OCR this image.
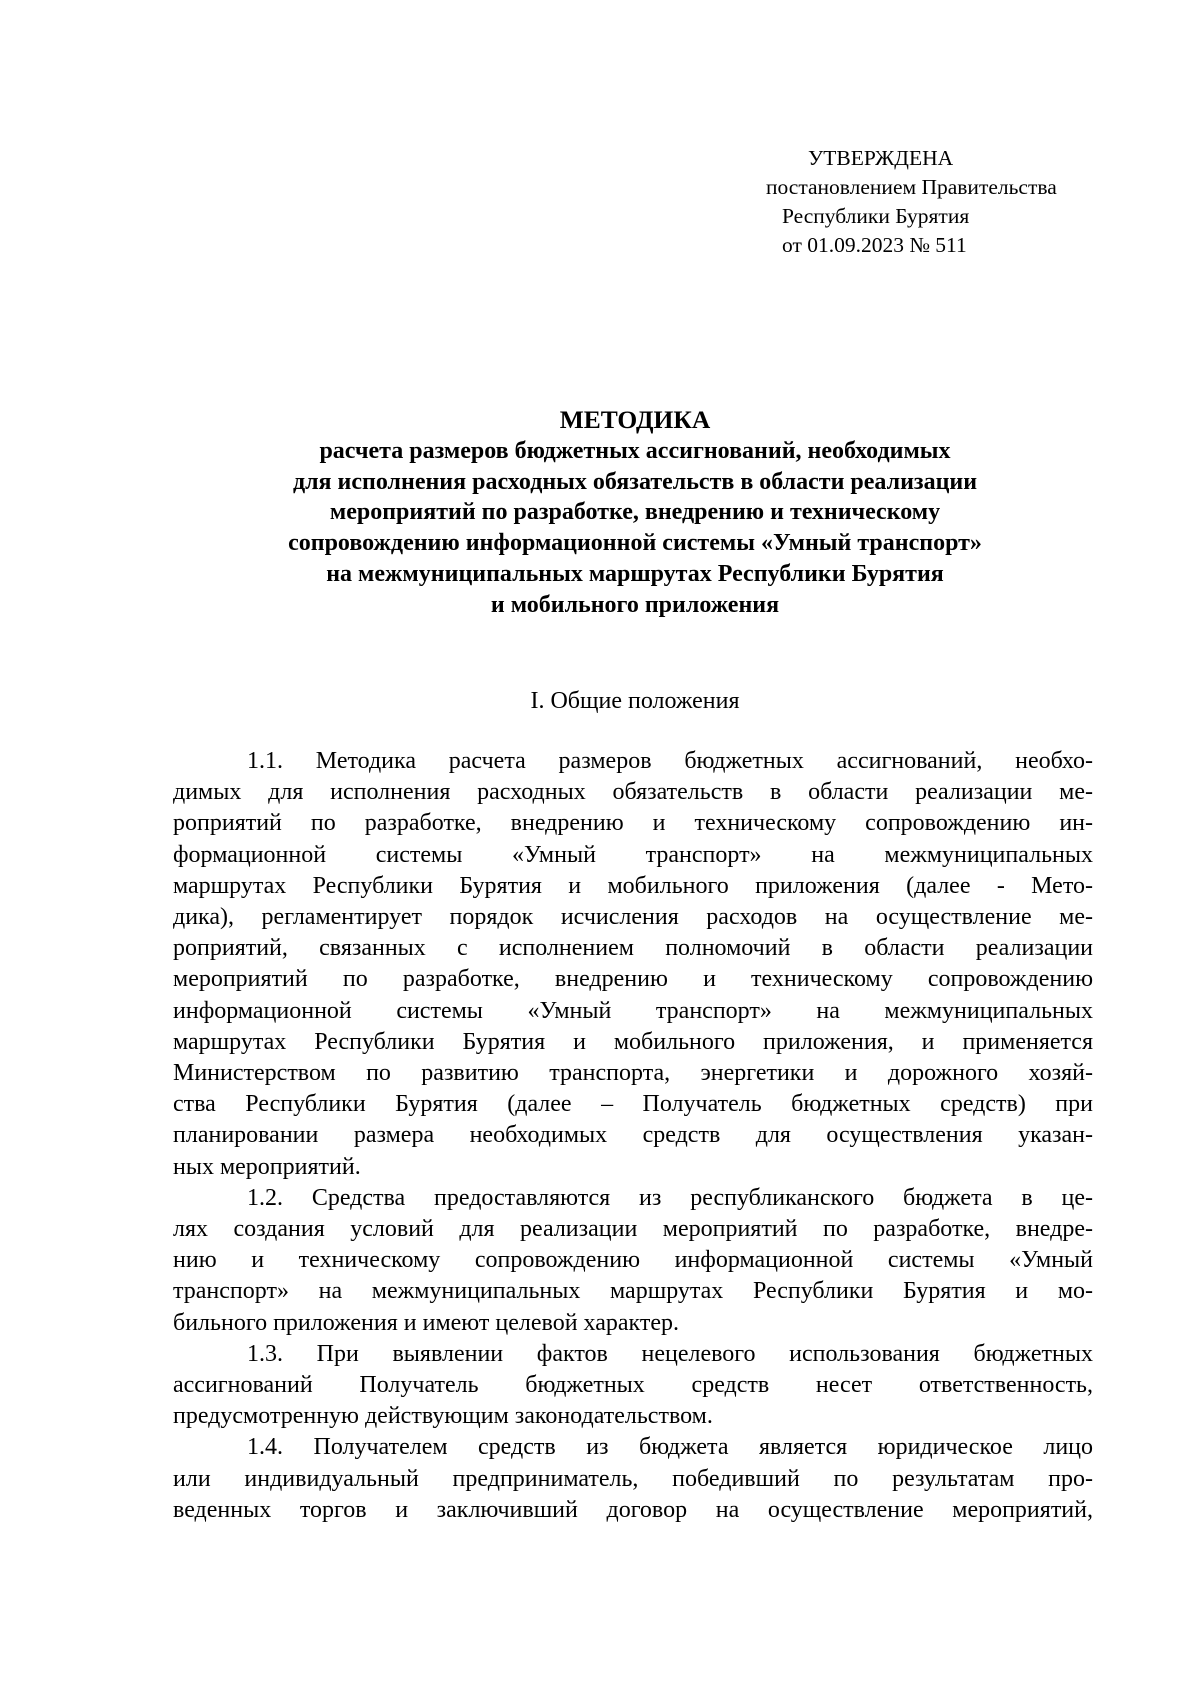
УТВЕРЖДЕНА
постановлением Правительства
Республики Бурятия
от 01.09.2023 № 511
МЕТОДИКА
расчета размеров бюджетных ассигнований, необходимых
для исполнения расходных обязательств в области реализации
мероприятий по разработке, внедрению и техническому
сопровождению информационной системы «Умный транспорт»
на межмуниципальных маршрутах Республики Бурятия
и мобильного приложения
I. Общие положения
1.1. Методика расчета размеров бюджетных ассигнований, необхо-
димых для исполнения расходных обязательств в области реализации ме-
роприятий по разработке, внедрению и техническому сопровождению ин-
формационной системы «Умный транспорт» на межмуниципальных
маршрутах Республики Бурятия и мобильного приложения (далее - Мето-
дика), регламентирует порядок исчисления расходов на осуществление ме-
роприятий, связанных с исполнением полномочий в области реализации
мероприятий по разработке, внедрению и техническому сопровождению
информационной системы «Умный транспорт» на межмуниципальных
маршрутах Республики Бурятия и мобильного приложения, и применяется
Министерством по развитию транспорта, энергетики и дорожного хозяй-
ства Республики Бурятия (далее – Получатель бюджетных средств) при
планировании размера необходимых средств для осуществления указан-
ных мероприятий.
1.2. Средства предоставляются из республиканского бюджета в це-
лях создания условий для реализации мероприятий по разработке, внедре-
нию и техническому сопровождению информационной системы «Умный
транспорт» на межмуниципальных маршрутах Республики Бурятия и мо-
бильного приложения и имеют целевой характер.
1.3. При выявлении фактов нецелевого использования бюджетных
ассигнований Получатель бюджетных средств несет ответственность,
предусмотренную действующим законодательством.
1.4. Получателем средств из бюджета является юридическое лицо
или индивидуальный предприниматель, победивший по результатам про-
веденных торгов и заключивший договор на осуществление мероприятий,
